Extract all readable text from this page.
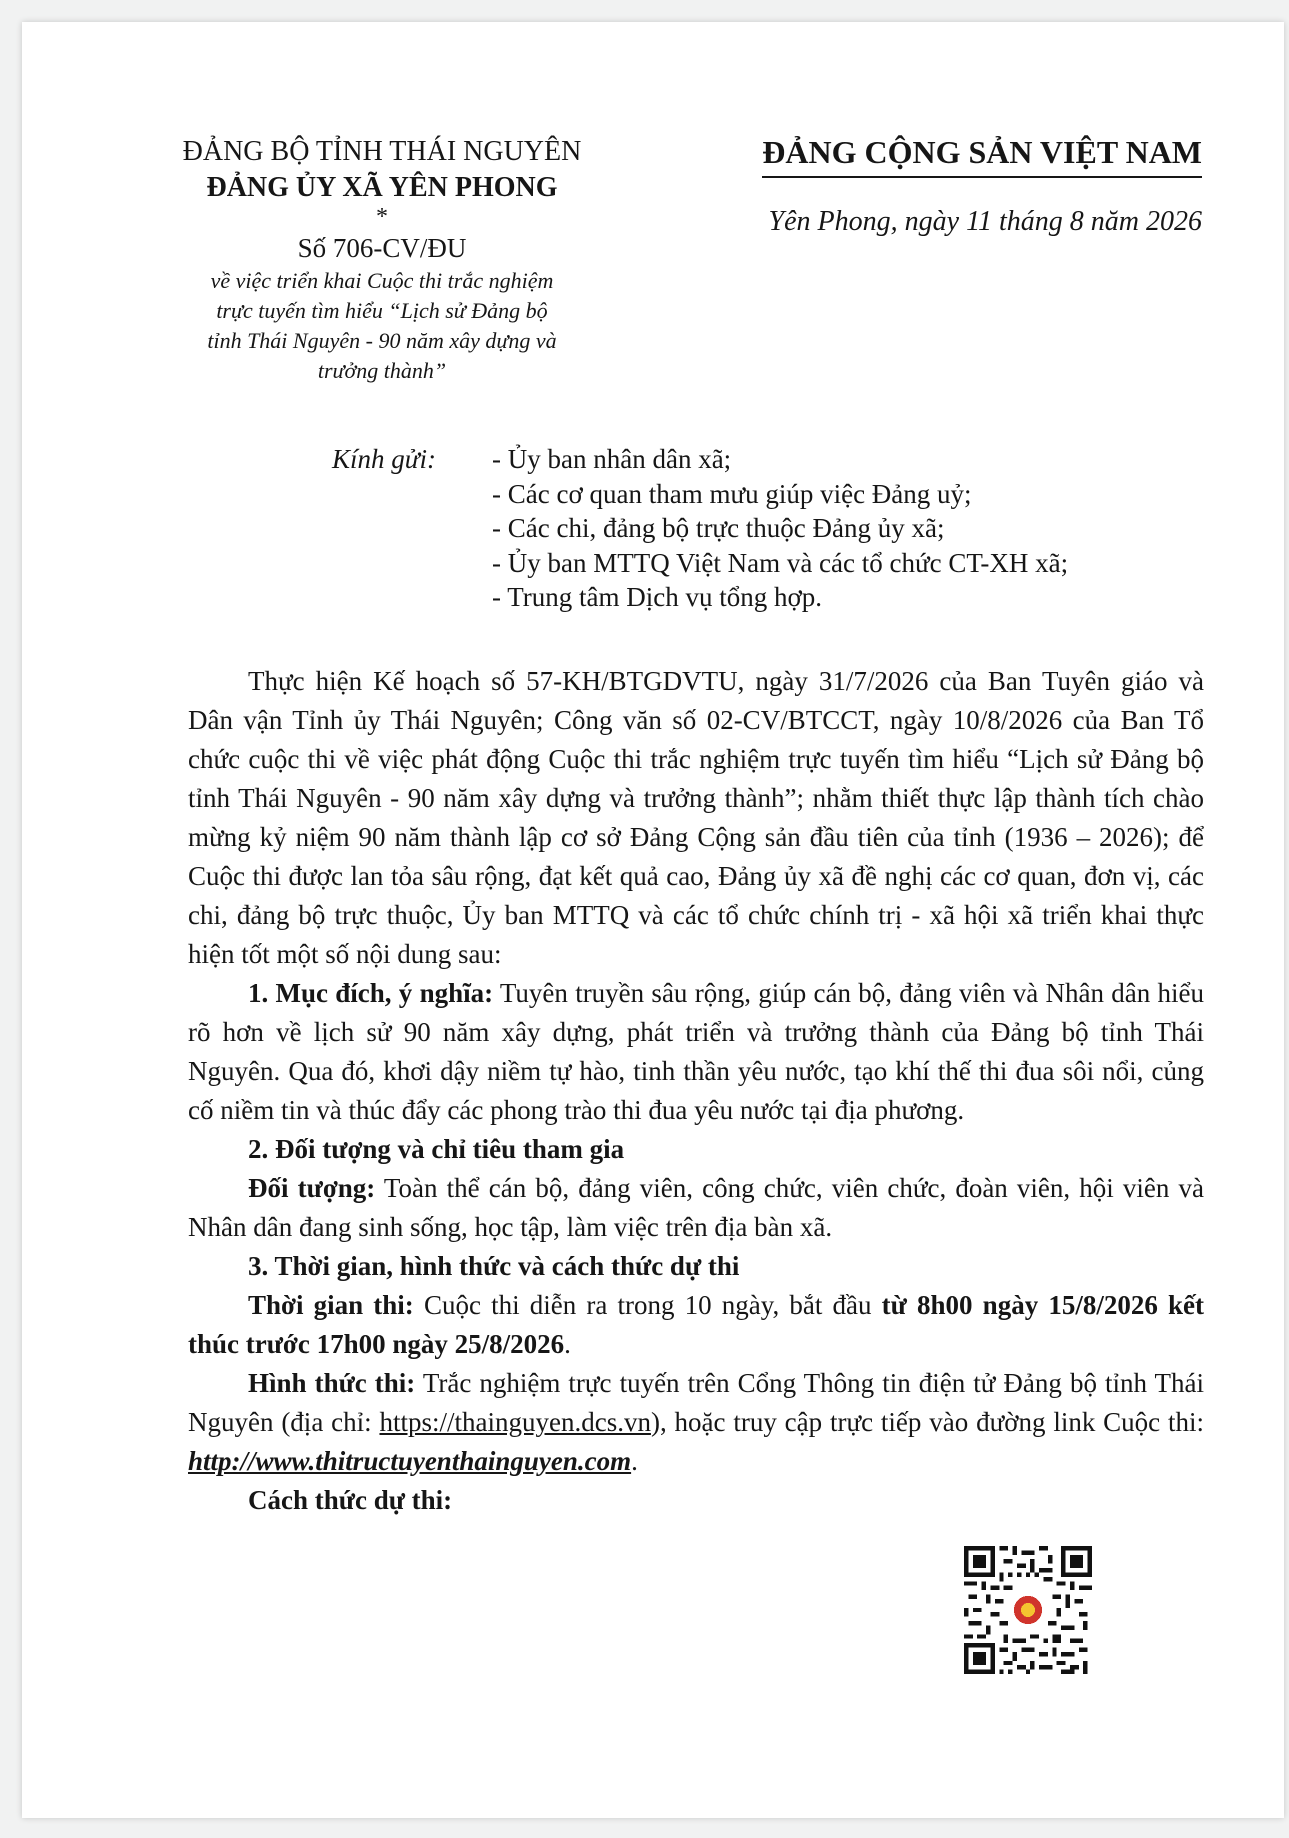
ĐẢNG BỘ TỈNH THÁI NGUYÊN
ĐẢNG ỦY XÃ YÊN PHONG
*
Số 706-CV/ĐU
về việc triển khai Cuộc thi trắc nghiệm
trực tuyến tìm hiểu “Lịch sử Đảng bộ
tỉnh Thái Nguyên - 90 năm xây dựng và
trưởng thành”
ĐẢNG CỘNG SẢN VIỆT NAM
Yên Phong, ngày 11 tháng 8 năm 2026
Kính gửi: - Ủy ban nhân dân xã;
- Các cơ quan tham mưu giúp việc Đảng uỷ;
- Các chi, đảng bộ trực thuộc Đảng ủy xã;
- Ủy ban MTTQ Việt Nam và các tổ chức CT-XH xã;
- Trung tâm Dịch vụ tổng hợp.

Thực hiện Kế hoạch số 57-KH/BTGDVTU, ngày 31/7/2026 của Ban Tuyên giáo và Dân vận Tỉnh ủy Thái Nguyên; Công văn số 02-CV/BTCCT, ngày 10/8/2026 của Ban Tổ chức cuộc thi về việc phát động Cuộc thi trắc nghiệm trực tuyến tìm hiểu “Lịch sử Đảng bộ tỉnh Thái Nguyên - 90 năm xây dựng và trưởng thành”; nhằm thiết thực lập thành tích chào mừng kỷ niệm 90 năm thành lập cơ sở Đảng Cộng sản đầu tiên của tỉnh (1936 – 2026); để Cuộc thi được lan tỏa sâu rộng, đạt kết quả cao, Đảng ủy xã đề nghị các cơ quan, đơn vị, các chi, đảng bộ trực thuộc, Ủy ban MTTQ và các tổ chức chính trị - xã hội xã triển khai thực hiện tốt một số nội dung sau:

1. Mục đích, ý nghĩa: Tuyên truyền sâu rộng, giúp cán bộ, đảng viên và Nhân dân hiểu rõ hơn về lịch sử 90 năm xây dựng, phát triển và trưởng thành của Đảng bộ tỉnh Thái Nguyên. Qua đó, khơi dậy niềm tự hào, tinh thần yêu nước, tạo khí thế thi đua sôi nổi, củng cố niềm tin và thúc đẩy các phong trào thi đua yêu nước tại địa phương.

2. Đối tượng và chỉ tiêu tham gia

Đối tượng: Toàn thể cán bộ, đảng viên, công chức, viên chức, đoàn viên, hội viên và Nhân dân đang sinh sống, học tập, làm việc trên địa bàn xã.

3. Thời gian, hình thức và cách thức dự thi

Thời gian thi: Cuộc thi diễn ra trong 10 ngày, bắt đầu từ 8h00 ngày 15/8/2026 kết thúc trước 17h00 ngày 25/8/2026.

Hình thức thi: Trắc nghiệm trực tuyến trên Cổng Thông tin điện tử Đảng bộ tỉnh Thái Nguyên (địa chỉ: https://thainguyen.dcs.vn), hoặc truy cập trực tiếp vào đường link Cuộc thi: http://www.thitructuyenthainguyen.com.

Cách thức dự thi:
